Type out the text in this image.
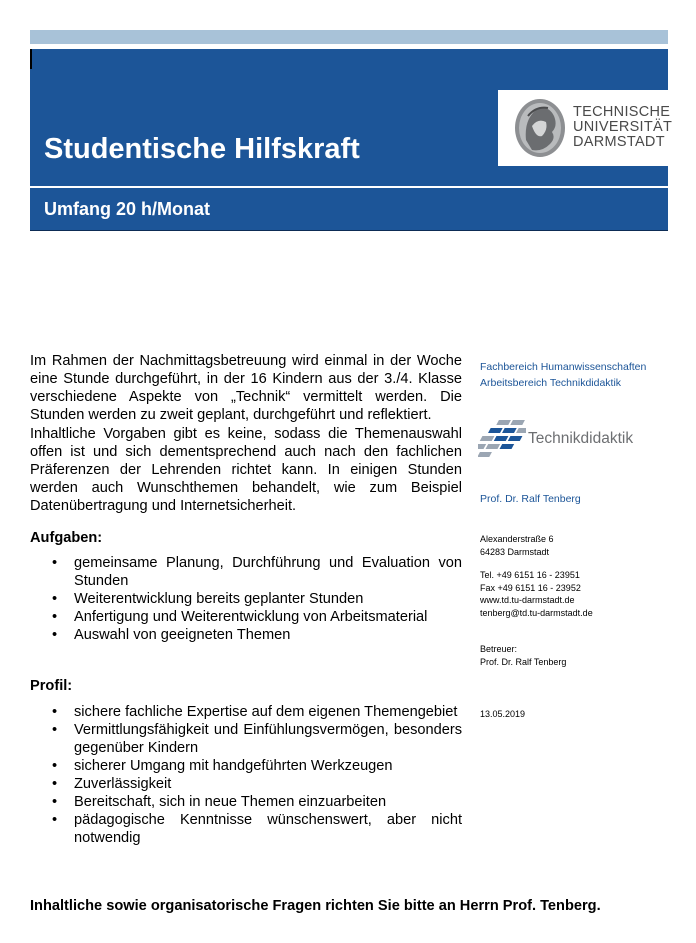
Studentische Hilfskraft
TECHNISCHE
UNIVERSITÄT
DARMSTADT
Umfang 20 h/Monat
Im Rahmen der Nachmittagsbetreuung wird einmal in der Woche eine Stunde durchgeführt, in der 16 Kindern aus der 3./4. Klasse verschiedene Aspekte von „Technik“ vermittelt werden. Die Stunden werden zu zweit geplant, durchgeführt und reflektiert.
Inhaltliche Vorgaben gibt es keine, sodass die Themenauswahl offen ist und sich dementsprechend auch nach den fachlichen Präferenzen der Lehrenden richtet kann. In einigen Stunden werden auch Wunschthemen behandelt, wie zum Beispiel Datenübertragung und Internetsicherheit.
Aufgaben:
• gemeinsame Planung, Durchführung und Evaluation von Stunden
• Weiterentwicklung bereits geplanter Stunden
• Anfertigung und Weiterentwicklung von Arbeitsmaterial
• Auswahl von geeigneten Themen
Profil:
• sichere fachliche Expertise auf dem eigenen Themengebiet
• Vermittlungsfähigkeit und Einfühlungsvermögen, besonders gegenüber Kindern
• sicherer Umgang mit handgeführten Werkzeugen
• Zuverlässigkeit
• Bereitschaft, sich in neue Themen einzuarbeiten
• pädagogische Kenntnisse wünschenswert, aber nicht notwendig
Fachbereich Humanwissenschaften
Arbeitsbereich Technikdidaktik
Technikdidaktik
Prof. Dr. Ralf Tenberg
Alexanderstraße 6
64283 Darmstadt
Tel. +49 6151 16 - 23951
Fax +49 6151 16 - 23952
www.td.tu-darmstadt.de
tenberg@td.tu-darmstadt.de
Betreuer:
Prof. Dr. Ralf Tenberg
13.05.2019
Inhaltliche sowie organisatorische Fragen richten Sie bitte an Herrn Prof. Tenberg.
